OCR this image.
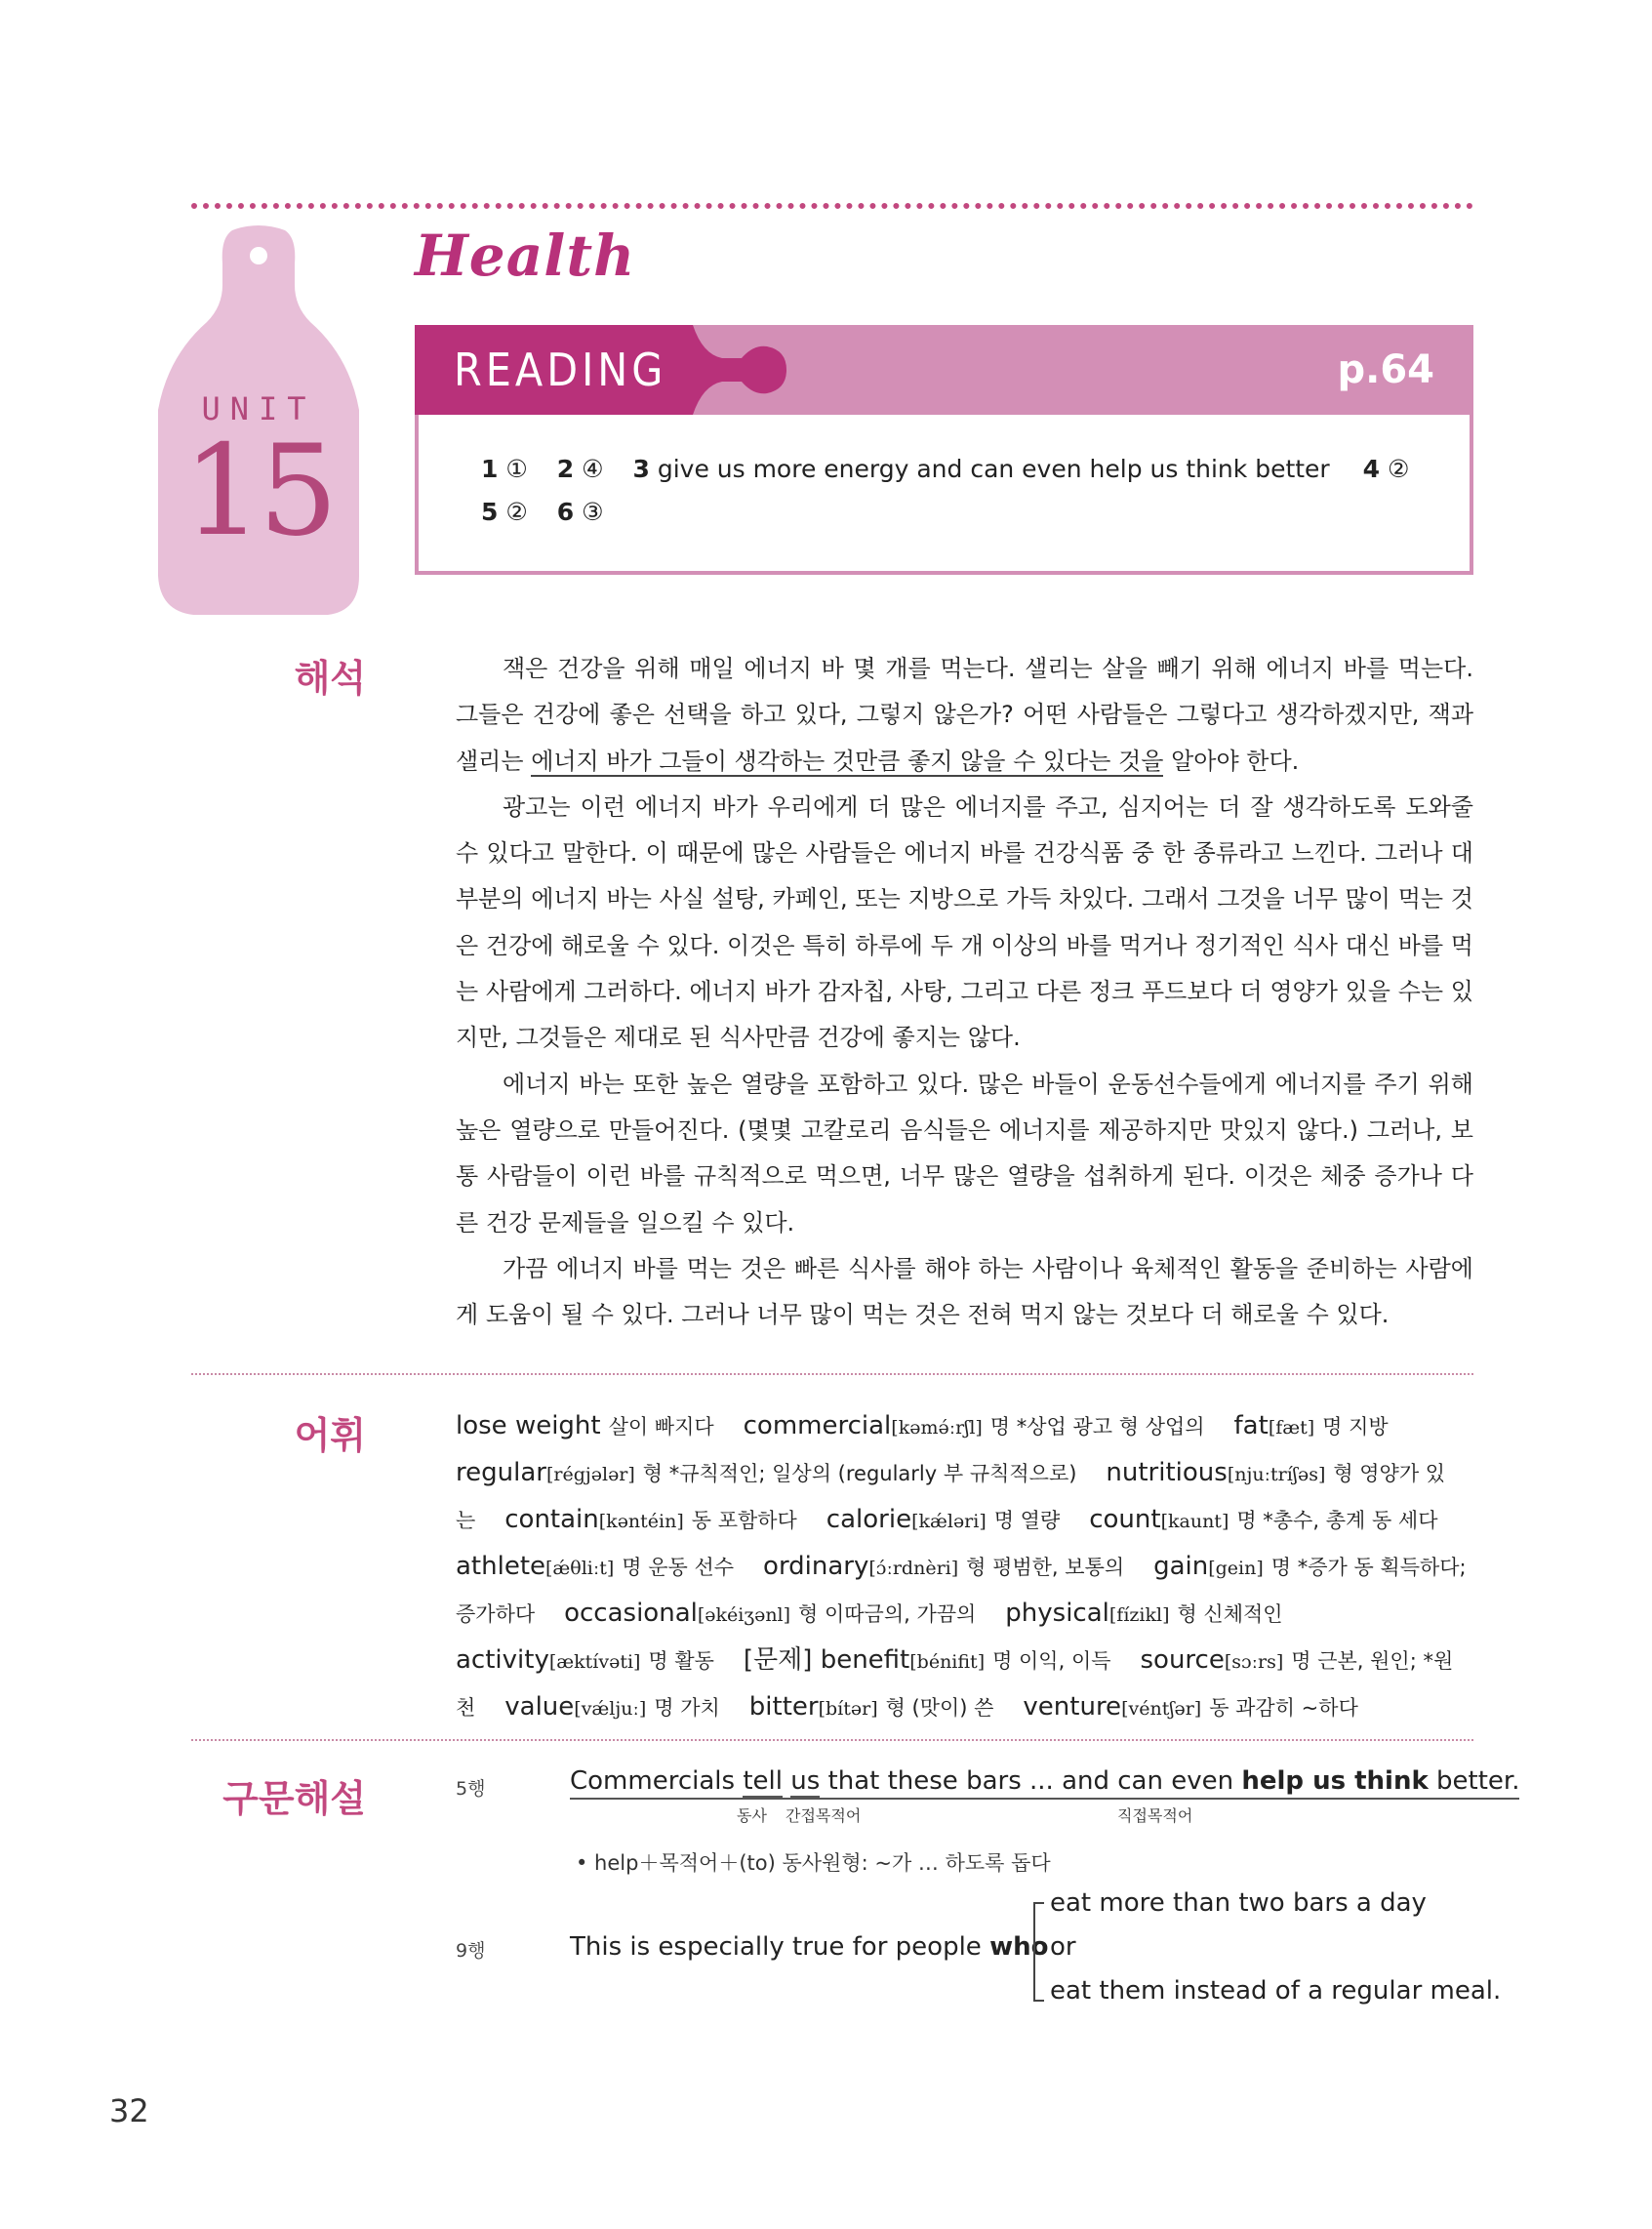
UNIT
15
Health
READING 1
p.64
1 ① 2 ④ 3 give us more energy and can even help us think better 4 ②
5 ② 6 ③
해석	잭은 건강을 위해 매일 에너지 바 몇 개를 먹는다. 샐리는 살을 빼기 위해 에너지 바를 먹는다. 그들은 건강에 좋은 선택을 하고 있다, 그렇지 않은가? 어떤 사람들은 그렇다고 생각하겠지만, 잭과 샐리는 에너지 바가 그들이 생각하는 것만큼 좋지 않을 수 있다는 것을 알아야 한다.

광고는 이런 에너지 바가 우리에게 더 많은 에너지를 주고, 심지어는 더 잘 생각하도록 도와줄 수 있다고 말한다. 이 때문에 많은 사람들은 에너지 바를 건강식품 중 한 종류라고 느낀다. 그러나 대부분의 에너지 바는 사실 설탕, 카페인, 또는 지방으로 가득 차있다. 그래서 그것을 너무 많이 먹는 것은 건강에 해로울 수 있다. 이것은 특히 하루에 두 개 이상의 바를 먹거나 정기적인 식사 대신 바를 먹는 사람에게 그러하다. 에너지 바가 감자칩, 사탕, 그리고 다른 정크 푸드보다 더 영양가 있을 수는 있지만, 그것들은 제대로 된 식사만큼 건강에 좋지는 않다.

에너지 바는 또한 높은 열량을 포함하고 있다. 많은 바들이 운동선수들에게 에너지를 주기 위해 높은 열량으로 만들어진다. (몇몇 고칼로리 음식들은 에너지를 제공하지만 맛있지 않다.) 그러나, 보통 사람들이 이런 바를 규칙적으로 먹으면, 너무 많은 열량을 섭취하게 된다. 이것은 체중 증가나 다른 건강 문제들을 일으킬 수 있다.

가끔 에너지 바를 먹는 것은 빠른 식사를 해야 하는 사람이나 육체적인 활동을 준비하는 사람에게 도움이 될 수 있다. 그러나 너무 많이 먹는 것은 전혀 먹지 않는 것보다 더 해로울 수 있다.

어휘	lose weight 살이 빠지다 commercial[kəmə́ːrʃl] 명 *상업 광고 형 상업의 fat[fæt] 명 지방 regular[régjələr] 형 *규칙적인; 일상의 (regularly 부 규칙적으로) nutritious[njuːtríʃəs] 형 영양가 있는 contain[kəntéin] 동 포함하다 calorie[kǽləri] 명 열량 count[kaunt] 명 *총수, 총계 동 세다 athlete[ǽθliːt] 명 운동 선수 ordinary[ɔ́ːrdnèri] 형 평범한, 보통의 gain[gein] 명 *증가 동 획득하다; 증가하다 occasional[əkéiʒənl] 형 이따금의, 가끔의 physical[fízikl] 형 신체적인 activity[æktívəti] 명 활동 [문제] benefit[bénifit] 명 이익, 이득 source[sɔːrs] 명 근본, 원인; *원천 value[vǽljuː] 명 가치 bitter[bítər] 형 (맛이) 쓴 venture[véntʃər] 동 과감히 ~하다
구문해설	5행	Commercials tell us that these bars ... and can even help us think better.
동사 간접목적어	직접목적어
• help＋목적어＋(to) 동사원형: ~가 … 하도록 돕다
9행	This is especially true for people who
eat more than two bars a day
or
eat them instead of a regular meal.
32
